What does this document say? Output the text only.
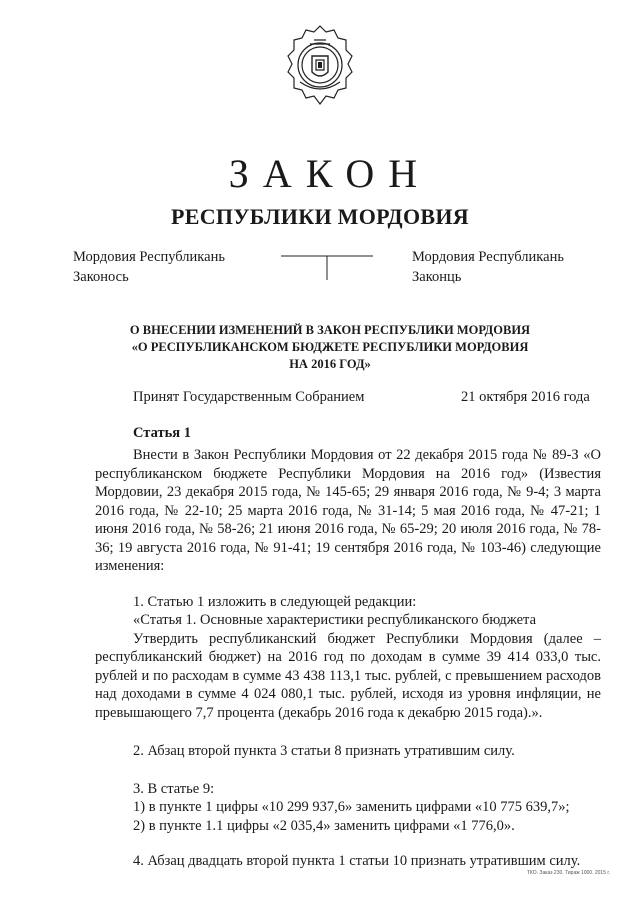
ЗАКОН
РЕСПУБЛИКИ МОРДОВИЯ
Мордовия Республикань
Законось
Мордовия Республикань
Законць
О ВНЕСЕНИИ ИЗМЕНЕНИЙ В ЗАКОН РЕСПУБЛИКИ МОРДОВИЯ
«О РЕСПУБЛИКАНСКОМ БЮДЖЕТЕ РЕСПУБЛИКИ МОРДОВИЯ
НА 2016 ГОД»
Принят Государственным Собранием	21 октября 2016 года
Статья 1

Внести в Закон Республики Мордовия от 22 декабря 2015 года № 89-З «О республиканском бюджете Республики Мордовия на 2016 год» (Известия Мордовии, 23 декабря 2015 года, № 145-65; 29 января 2016 года, № 9-4; 3 марта 2016 года, № 22-10; 25 марта 2016 года, № 31-14; 5 мая 2016 года, № 47-21; 1 июня 2016 года, № 58-26; 21 июня 2016 года, № 65-29; 20 июля 2016 года, № 78-36; 19 августа 2016 года, № 91-41; 19 сентября 2016 года, № 103-46) следующие изменения:

1. Статью 1 изложить в следующей редакции:

«Статья 1. Основные характеристики республиканского бюджета

Утвердить республиканский бюджет Республики Мордовия (далее – республиканский бюджет) на 2016 год по доходам в сумме 39 414 033,0 тыс. рублей и по расходам в сумме 43 438 113,1 тыс. рублей, с превышением расходов над доходами в сумме 4 024 080,1 тыс. рублей, исходя из уровня инфляции, не превышающего 7,7 процента (декабрь 2016 года к декабрю 2015 года).».

2. Абзац второй пункта 3 статьи 8 признать утратившим силу.

3. В статье 9:

1) в пункте 1 цифры «10 299 937,6» заменить цифрами «10 775 639,7»;

2) в пункте 1.1 цифры «2 035,4» заменить цифрами «1 776,0».

4. Абзац двадцать второй пункта 1 статьи 10 признать утратившим силу.

ТКО. Заказ 230. Тираж 1000. 2015 г.
